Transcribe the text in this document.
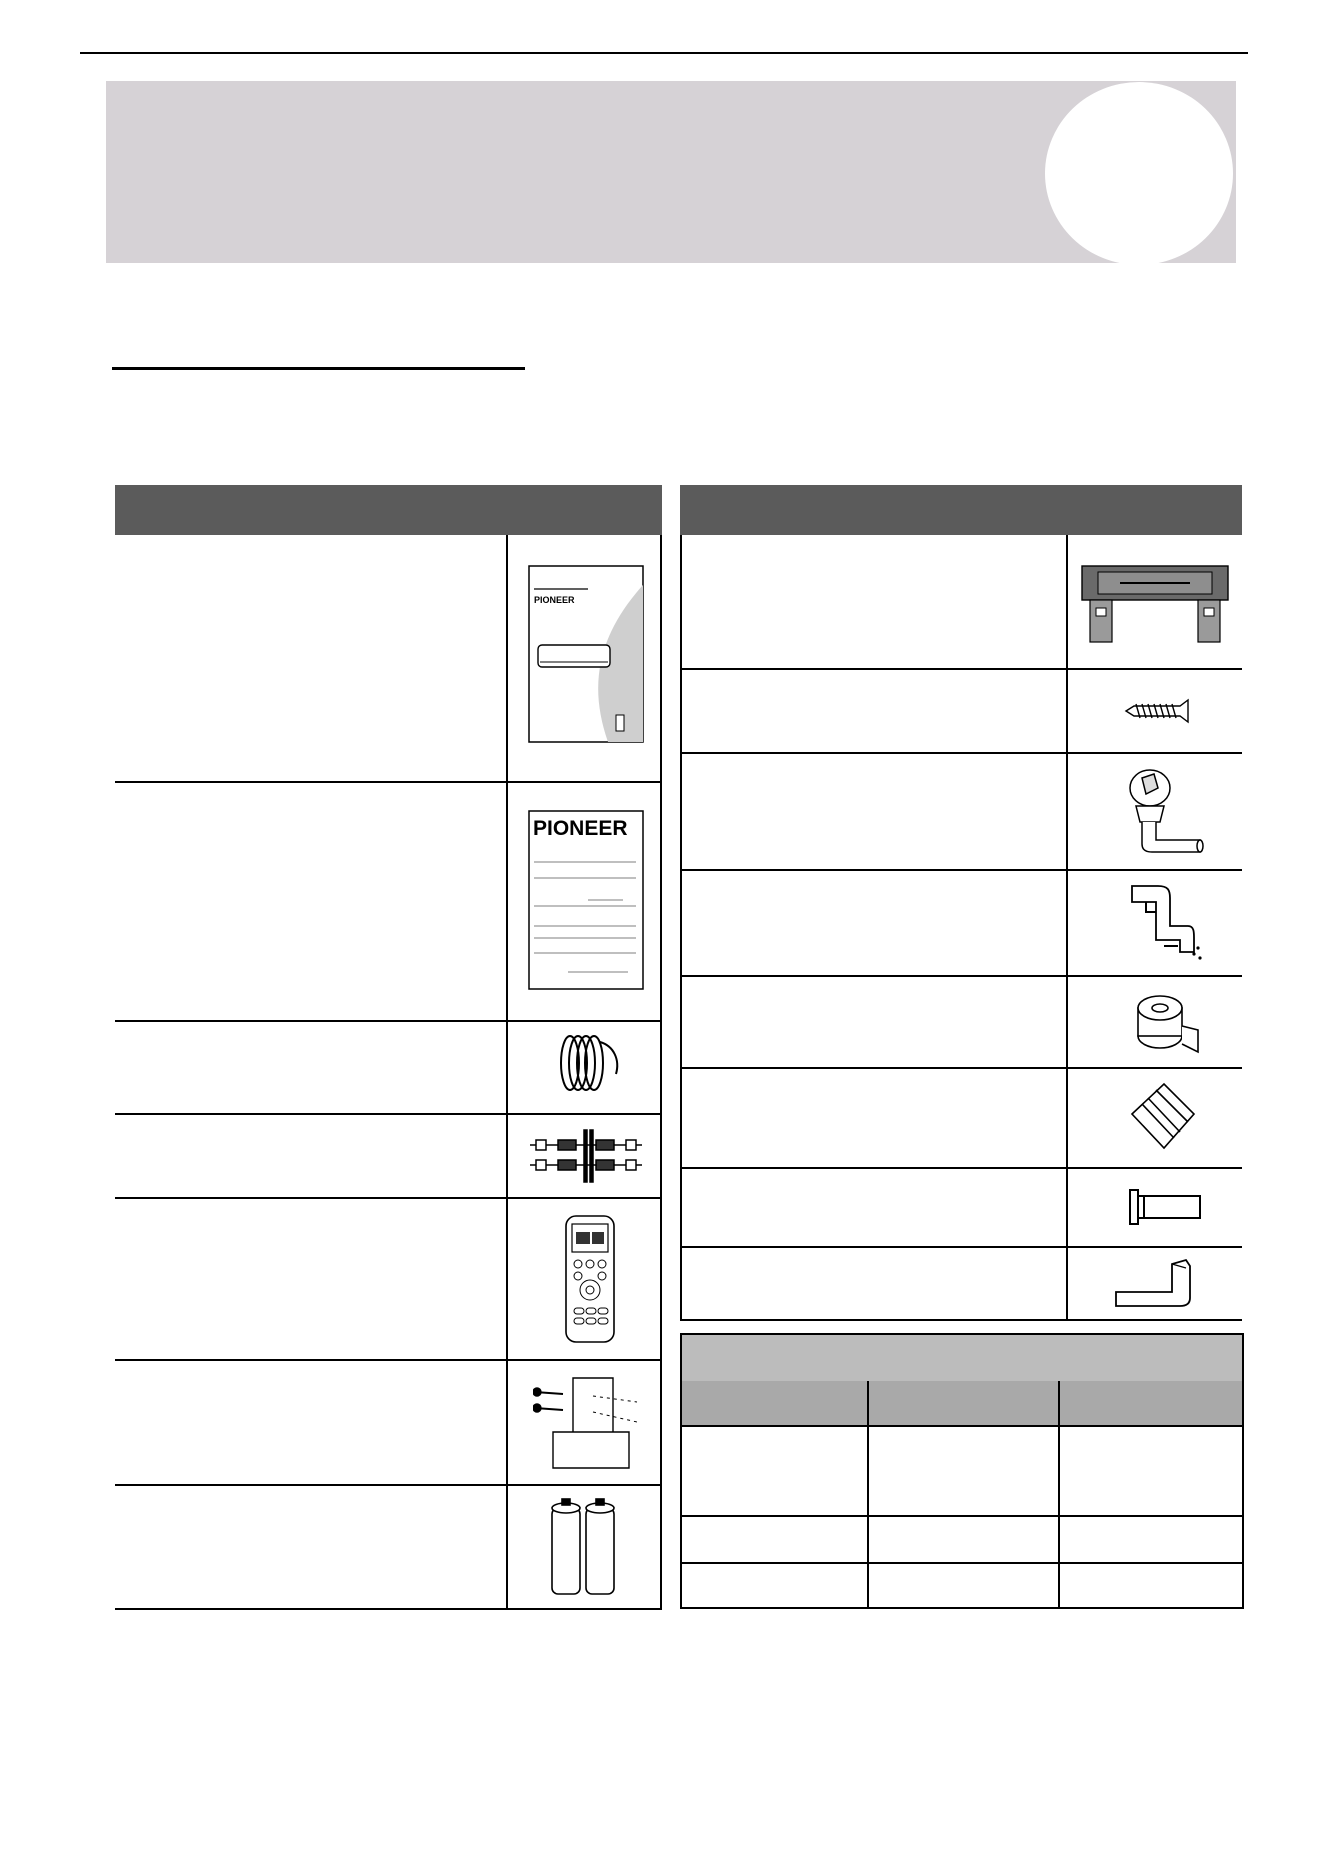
PIONEER
PIONEER
